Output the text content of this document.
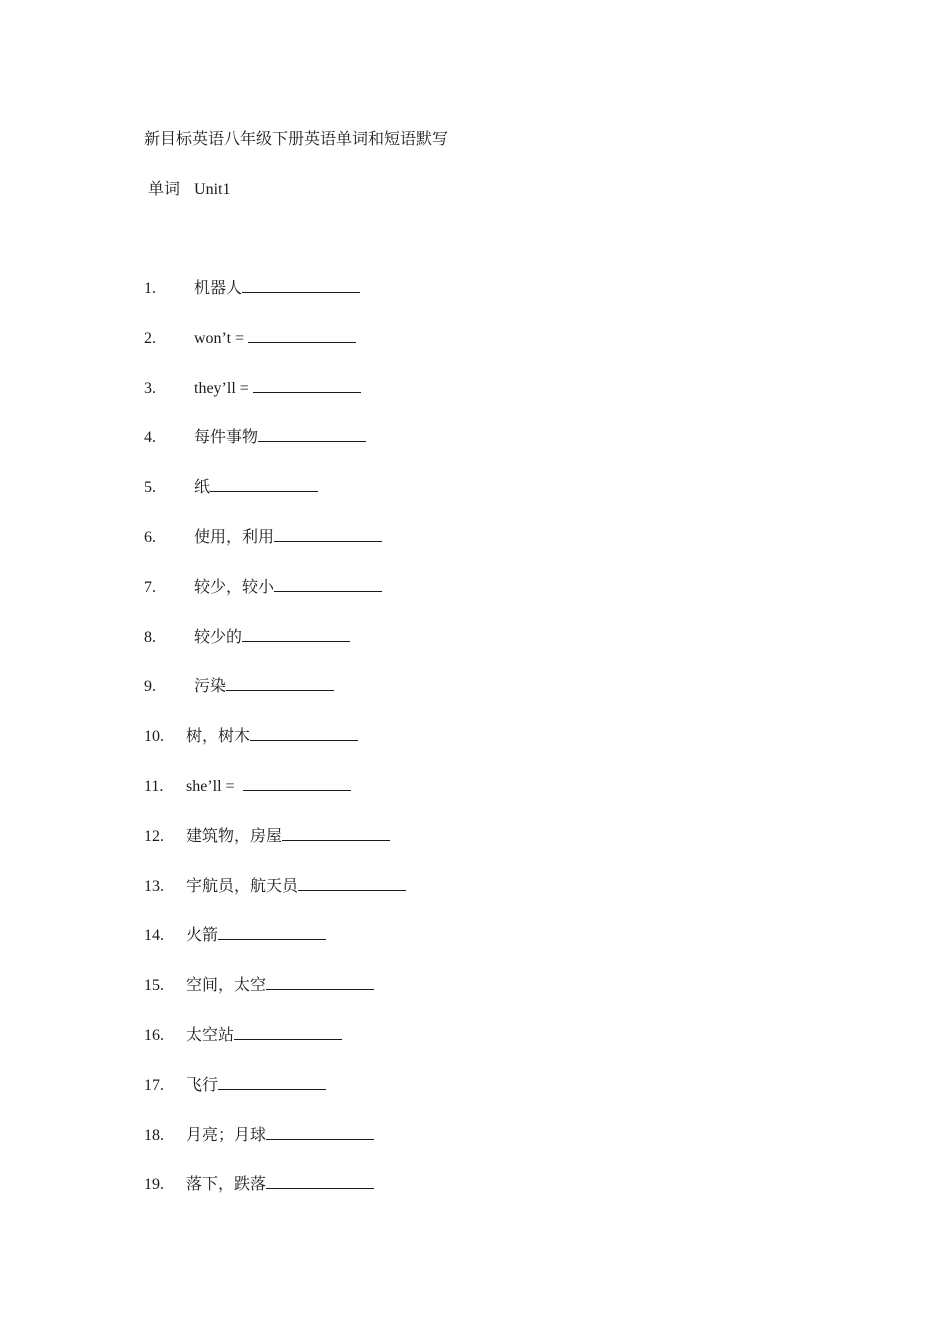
新目标英语八年级下册英语单词和短语默写
单词 Unit1
1. 机器人
2. won’t =
3. they’ll =
4. 每件事物
5. 纸
6. 使用，利用
7. 较少，较小
8. 较少的
9. 污染
10. 树，树木
11. she’ll =
12. 建筑物，房屋
13. 宇航员，航天员
14. 火箭
15. 空间，太空
16. 太空站
17. 飞行
18. 月亮；月球
19. 落下，跌落
